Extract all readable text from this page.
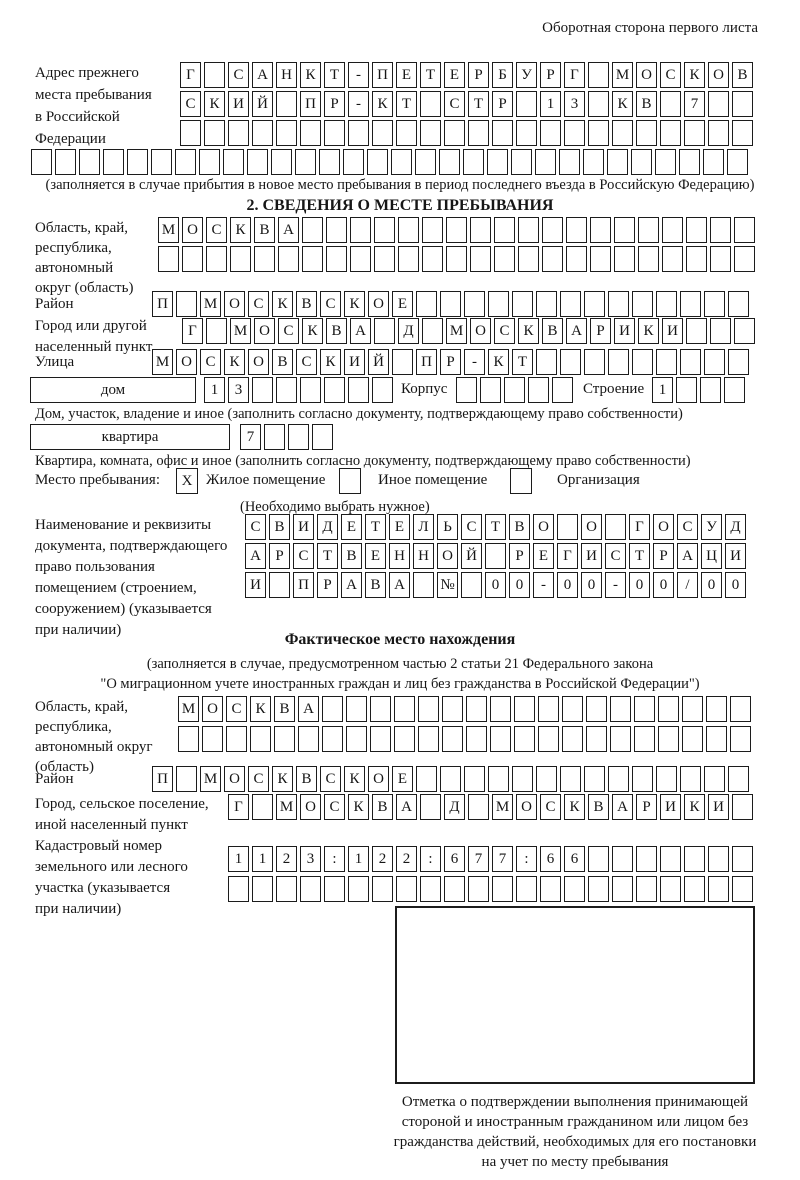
Оборотная сторона первого листа
Адрес прежнего
места пребывания
в Российской
Федерации
Г	С А Н К Т	-	П Е Т Е	Р	Б У Р	Г	М О С К О В
С К И Й	П Р	-	К Т	С Т	Р	1	3	К В	7
(заполняется в случае прибытия в новое место пребывания в период последнего въезда в Российскую Федерацию)
2. СВЕДЕНИЯ О МЕСТЕ ПРЕБЫВАНИЯ
Область, край,
республика,
автономный
округ (область)
М О С К В А
Район	П	М О С К В С К О Е
Город или другой
населенный пункт
Г	М О С К В А	Д	М О С К В А Р И К И
Улица	М О С К О В С К И Й	П Р	-	К Т
дом	1	3	Корпус	Строение 1
Дом, участок, владение и иное (заполнить согласно документу, подтверждающему право собственности)
квартира	7
Квартира, комната, офис и иное (заполнить согласно документу, подтверждающему право собственности)
Место пребывания:	X Жилое помещение	Иное помещение	Организация
(Необходимо выбрать нужное)
Наименование и реквизиты
документа, подтверждающего
право пользования
помещением (строением,
сооружением) (указывается
при наличии)
С В И Д Е Т Е Л Ь С Т В О	О	Г О С У Д
А Р С Т В Е Н Н О Й	Р	Е	Г И С Т	Р А Ц И
И	П Р А В А	№	0	0	-	0	0	-	0	0	/	0	0
Фактическое место нахождения
(заполняется в случае, предусмотренном частью 2 статьи 21 Федерального закона
"О миграционном учете иностранных граждан и лиц без гражданства в Российской Федерации")
Область, край,
республика,
автономный округ
(область)
М О С К В А
Район	П	М О С К В С К О Е
Город, сельское поселение,
иной населенный пункт
Г	М О С К В А	Д	М О С К В А Р И К И
Кадастровый номер
земельного или лесного
участка (указывается
при наличии)
1	1	2	3	:	1	2	2	:	6	7	7	:	6	6
Отметка о подтверждении выполнения принимающей
стороной и иностранным гражданином или лицом без
гражданства действий, необходимых для его постановки
на учет по месту пребывания
